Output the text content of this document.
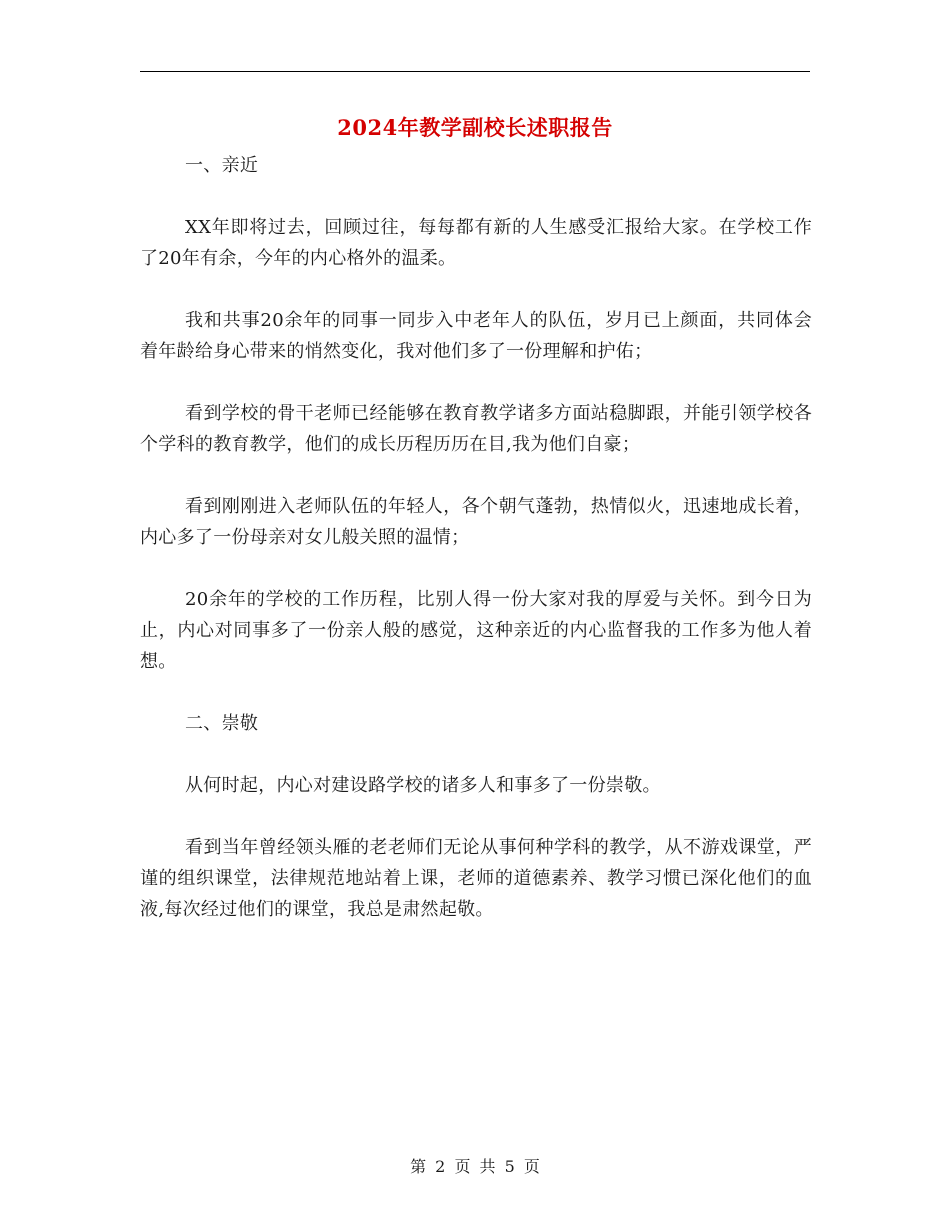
2024年教学副校长述职报告

一、亲近

XX年即将过去，回顾过往，每每都有新的人生感受汇报给大家。在学校工作了20年有余，今年的内心格外的温柔。

我和共事20余年的同事一同步入中老年人的队伍，岁月已上颜面，共同体会着年龄给身心带来的悄然变化，我对他们多了一份理解和护佑；

看到学校的骨干老师已经能够在教育教学诸多方面站稳脚跟，并能引领学校各个学科的教育教学，他们的成长历程历历在目,我为他们自豪；

看到刚刚进入老师队伍的年轻人，各个朝气蓬勃，热情似火，迅速地成长着，内心多了一份母亲对女儿般关照的温情；

20余年的学校的工作历程，比别人得一份大家对我的厚爱与关怀。到今日为止，内心对同事多了一份亲人般的感觉，这种亲近的内心监督我的工作多为他人着想。

二、崇敬

从何时起，内心对建设路学校的诸多人和事多了一份崇敬。

看到当年曾经领头雁的老老师们无论从事何种学科的教学，从不游戏课堂，严谨的组织课堂，法律规范地站着上课，老师的道德素养、教学习惯已深化他们的血液,每次经过他们的课堂，我总是肃然起敬。

第 2 页 共 5 页
